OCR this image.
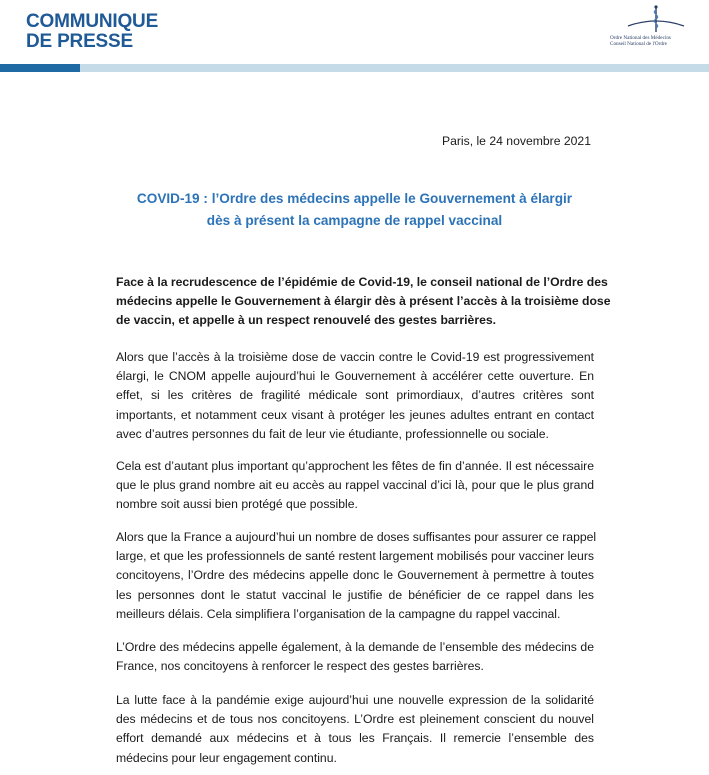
COMMUNIQUE
DE PRESSE	Ordre National des Médecins
Conseil National de l'Ordre
Paris, le 24 novembre 2021
COVID-19 : l’Ordre des médecins appelle le Gouvernement à élargir
dès à présent la campagne de rappel vaccinal
Face à la recrudescence de l’épidémie de Covid-19, le conseil national de l’Ordre des
médecins appelle le Gouvernement à élargir dès à présent l’accès à la troisième dose
de vaccin, et appelle à un respect renouvelé des gestes barrières.
Alors que l’accès à la troisième dose de vaccin contre le Covid-19 est progressivement
élargi, le CNOM appelle aujourd’hui le Gouvernement à accélérer cette ouverture. En
effet, si les critères de fragilité médicale sont primordiaux, d’autres critères sont
importants, et notamment ceux visant à protéger les jeunes adultes entrant en contact
avec d’autres personnes du fait de leur vie étudiante, professionnelle ou sociale.
Cela est d’autant plus important qu’approchent les fêtes de fin d’année. Il est nécessaire
que le plus grand nombre ait eu accès au rappel vaccinal d’ici là, pour que le plus grand
nombre soit aussi bien protégé que possible.
Alors que la France a aujourd’hui un nombre de doses suffisantes pour assurer ce rappel
large, et que les professionnels de santé restent largement mobilisés pour vacciner leurs
concitoyens, l’Ordre des médecins appelle donc le Gouvernement à permettre à toutes
les personnes dont le statut vaccinal le justifie de bénéficier de ce rappel dans les
meilleurs délais. Cela simplifiera l’organisation de la campagne du rappel vaccinal.
L’Ordre des médecins appelle également, à la demande de l’ensemble des médecins de
France, nos concitoyens à renforcer le respect des gestes barrières.
La lutte face à la pandémie exige aujourd’hui une nouvelle expression de la solidarité
des médecins et de tous nos concitoyens. L’Ordre est pleinement conscient du nouvel
effort demandé aux médecins et à tous les Français. Il remercie l’ensemble des
médecins pour leur engagement continu.
